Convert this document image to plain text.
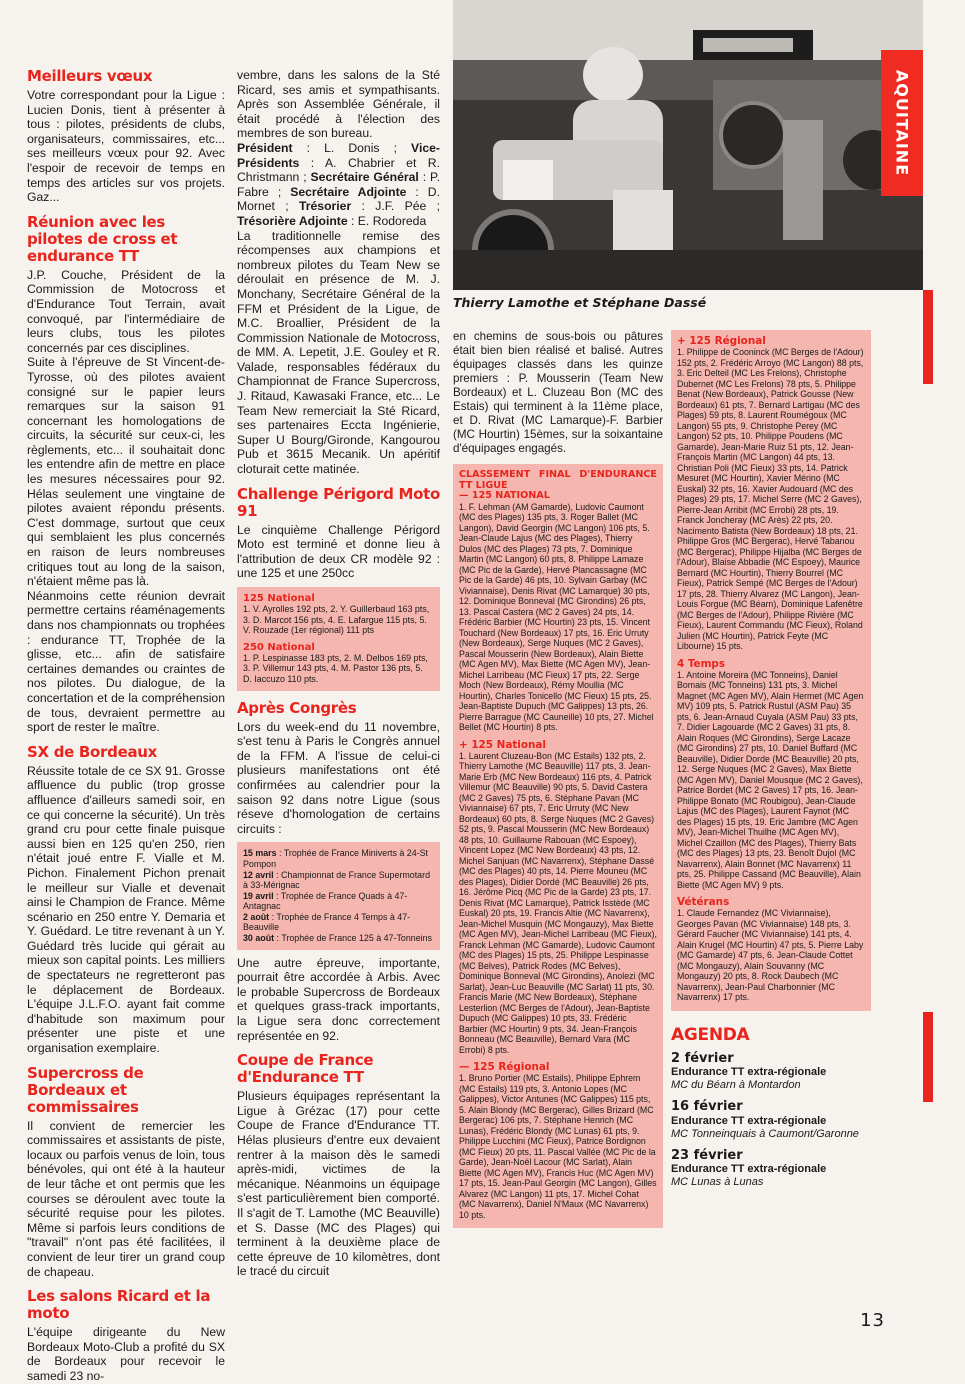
Thierry Lamothe et Stéphane Dassé
AQUITAINE
Meilleurs vœux

Votre correspondant pour la Ligue : Lucien Donis, tient à présenter à tous : pilotes, présidents de clubs, organisateurs, commissaires, etc... ses meilleurs vœux pour 92. Avec l'espoir de recevoir de temps en temps des articles sur vos projets. Gaz...

Réunion avec les pilotes de cross et endurance TT

J.P. Couche, Président de la Commission de Motocross et d'Endurance Tout Terrain, avait convoqué, par l'intermédiaire de leurs clubs, tous les pilotes concernés par ces disciplines.

Suite à l'épreuve de St Vincent-de-Tyrosse, où des pilotes avaient consigné sur le papier leurs remarques sur la saison 91 concernant les homologations de circuits, la sécurité sur ceux-ci, les règlements, etc... il souhaitait donc les entendre afin de mettre en place les mesures nécessaires pour 92. Hélas seulement une vingtaine de pilotes avaient répondu présents. C'est dommage, surtout que ceux qui semblaient les plus concernés en raison de leurs nombreuses critiques tout au long de la saison, n'étaient même pas là.

Néanmoins cette réunion devrait permettre certains réaménagements dans nos championnats ou trophées : endurance TT, Trophée de la glisse, etc... afin de satisfaire certaines demandes ou craintes de nos pilotes. Du dialogue, de la concertation et de la compréhension de tous, devraient permettre au sport de rester le maître.

SX de Bordeaux

Réussite totale de ce SX 91. Grosse affluence du public (trop grosse affluence d'ailleurs samedi soir, en ce qui concerne la sécurité). Un très grand cru pour cette finale puisque aussi bien en 125 qu'en 250, rien n'était joué entre F. Vialle et M. Pichon. Finalement Pichon prenait le meilleur sur Vialle et devenait ainsi le Champion de France. Même scénario en 250 entre Y. Demaria et Y. Guédard. Le titre revenant à un Y. Guédard très lucide qui gérait au mieux son capital points. Les milliers de spectateurs ne regretteront pas le déplacement de Bordeaux. L'équipe J.L.F.O. ayant fait comme d'habitude son maximum pour présenter une piste et une organisation exemplaire.

Supercross de Bordeaux et commissaires

Il convient de remercier les commissaires et assistants de piste, locaux ou parfois venus de loin, tous bénévoles, qui ont été à la hauteur de leur tâche et ont permis que les courses se déroulent avec toute la sécurité requise pour les pilotes. Même si parfois leurs conditions de "travail" n'ont pas été facilitées, il convient de leur tirer un grand coup de chapeau.

Les salons Ricard et la moto

L'équipe dirigeante du New Bordeaux Moto-Club a profité du SX de Bordeaux pour recevoir le samedi 23 no-

vembre, dans les salons de la Sté Ricard, ses amis et sympathisants. Après son Assemblée Générale, il était procédé à l'élection des membres de son bureau.

Président : L. Donis ; Vice-Présidents : A. Chabrier et R. Christmann ; Secrétaire Général : P. Fabre ; Secrétaire Adjointe : D. Mornet ; Trésorier : J.F. Pée ; Trésorière Adjointe : E. Rodoreda

La traditionnelle remise des récompenses aux champions et nombreux pilotes du Team New se déroulait en présence de M. J. Monchany, Secrétaire Général de la FFM et Président de la Ligue, de M.C. Broallier, Président de la Commission Nationale de Motocross, de MM. A. Lepetit, J.E. Gouley et R. Valade, responsables fédéraux du Championnat de France Supercross, J. Ritaud, Kawasaki France, etc... Le Team New remerciait la Sté Ricard, ses partenaires Eccta Ingénierie, Super U Bourg/Gironde, Kangourou Pub et 3615 Mecanik. Un apéritif cloturait cette matinée.

Challenge Périgord Moto 91

Le cinquième Challenge Périgord Moto est terminé et donne lieu à l'attribution de deux CR modèle 92 : une 125 et une 250cc

125 National
1. V. Ayrolles 192 pts, 2. Y. Guillerbaud 163 pts, 3. D. Marcot 156 pts, 4. E. Lafargue 115 pts, 5. V. Rouzade (1er régional) 111 pts
250 National
1. P. Lespinasse 183 pts, 2. M. Delbos 169 pts, 3. P. Villemur 143 pts, 4. M. Pastor 136 pts, 5. D. Iaccuzo 110 pts.
Après Congrès

Lors du week-end du 11 novembre, s'est tenu à Paris le Congrès annuel de la FFM. A l'issue de celui-ci plusieurs manifestations ont été confirmées au calendrier pour la saison 92 dans notre Ligue (sous réseve d'homologation de certains circuits :

15 mars : Trophée de France Miniverts à 24-St Pompon
12 avril : Championnat de France Supermotard à 33-Mérignac
19 avril : Trophée de France Quads à 47-Antagnac
2 août : Trophée de France 4 Temps à 47-Beauville
30 août : Trophée de France 125 à 47-Tonneins

Une autre épreuve, importante, pourrait être accordée à Arbis. Avec le probable Supercross de Bordeaux et quelques grass-track importants, la Ligue sera donc correctement représentée en 92.

Coupe de France d'Endurance TT

Plusieurs équipages représentant la Ligue à Grézac (17) pour cette Coupe de France d'Endurance TT. Hélas plusieurs d'entre eux devaient rentrer à la maison dès le samedi après-midi, victimes de la mécanique. Néanmoins un équipage s'est particulièrement bien comporté. Il s'agit de T. Lamothe (MC Beauville) et S. Dasse (MC des Plages) qui terminent à la deuxième place de cette épreuve de 10 kilomètres, dont le tracé du circuit

en chemins de sous-bois ou pâtures était bien bien réalisé et balisé. Autres équipages classés dans les quinze premiers : P. Mousserin (Team New Bordeaux) et L. Cluzeau Bon (MC des Estais) qui terminent à la 11ème place, et D. Rivat (MC Lamarque)-F. Barbier (MC Hourtin) 15èmes, sur la soixantaine d'équipages engagés.

CLASSEMENT FINAL D'ENDURANCE TT LIGUE
— 125 NATIONAL
1. F. Lehman (AM Gamarde), Ludovic Caumont (MC des Plages) 135 pts, 3. Roger Ballet (MC Langon), David Georgin (MC Langon) 106 pts, 5. Jean-Claude Lajus (MC des Plages), Thierry Dulos (MC des Plages) 73 pts, 7. Dominique Martin (MC Langon) 60 pts, 8. Philippe Lamaze (MC Pic de la Garde), Hervé Plancassagne (MC Pic de la Garde) 46 pts, 10. Sylvain Garbay (MC Viviannaise), Denis Rivat (MC Lamarque) 30 pts, 12. Dominique Bonneval (MC Girondins) 26 pts, 13. Pascal Castera (MC 2 Gaves) 24 pts, 14. Frédéric Barbier (MC Hourtin) 23 pts, 15. Vincent Touchard (New Bordeaux) 17 pts, 16. Eric Urruty (New Bordeaux), Serge Nuques (MC 2 Gaves), Pascal Mousserin (New Bordeaux), Alain Biette (MC Agen MV), Max Biette (MC Agen MV), Jean-Michel Larribeau (MC Fieux) 17 pts, 22. Serge Moch (New Bordeaux), Rémy Moullia (MC Hourtin), Charles Tonicello (MC Fieux) 15 pts, 25. Jean-Baptiste Dupuch (MC Galippes) 13 pts, 26. Pierre Barrague (MC Cauneille) 10 pts, 27. Michel Bellet (MC Hourtin) 8 pts.
+ 125 National
1. Laurent Cluzeau-Bon (MC Estails) 132 pts, 2. Thierry Lamothe (MC Beauville) 117 pts, 3. Jean-Marie Erb (MC New Bordeaux) 116 pts, 4. Patrick Villemur (MC Beauville) 90 pts, 5. David Castera (MC 2 Gaves) 75 pts, 6. Stéphane Pavan (MC Viviannaise) 67 pts, 7. Eric Urruty (MC New Bordeaux) 60 pts, 8. Serge Nuques (MC 2 Gaves) 52 pts, 9. Pascal Mousserin (MC New Bordeaux) 48 pts, 10. Guillaume Rabouan (MC Espoey), Vincent Lopez (MC New Bordeaux) 43 pts, 12. Michel Sanjuan (MC Navarrenx), Stéphane Dassé (MC des Plages) 40 pts, 14. Pierre Mouneu (MC des Plages), Didier Dordé (MC Beauville) 26 pts, 16. Jérôme Picq (MC Pic de la Garde) 23 pts, 17. Denis Rivat (MC Lamarque), Patrick Isstède (MC Euskal) 20 pts, 19. Francis Altie (MC Navarrenx), Jean-Michel Musquin (MC Mongauzy), Max Biette (MC Agen MV), Jean-Michel Larribeau (MC Fieux), Franck Lehman (MC Gamarde), Ludovic Caumont (MC des Plages) 15 pts, 25. Philippe Lespinasse (MC Belves), Patrick Rodes (MC Belves), Dominique Bonneval (MC Girondins), Anolezi (MC Sarlat), Jean-Luc Beauville (MC Sarlat) 11 pts, 30. Francis Marie (MC New Bordeaux), Stéphane Lesterlion (MC Berges de l'Adour), Jean-Baptiste Dupuch (MC Galippes) 10 pts, 33. Frédéric Barbier (MC Hourtin) 9 pts, 34. Jean-François Bonneau (MC Beauville), Bernard Vara (MC Errobi) 8 pts.
— 125 Régional
1. Bruno Portier (MC Estails), Philippe Ephrem (MC Estails) 119 pts, 3. Antonio Lopes (MC Galippes), Victor Antunes (MC Galippes) 115 pts, 5. Alain Blondy (MC Bergerac), Gilles Brizard (MC Bergerac) 106 pts, 7. Stéphane Henrich (MC Lunas), Frédéric Blondy (MC Lunas) 61 pts, 9. Philippe Lucchini (MC Fieux), Patrice Bordignon (MC Fieux) 20 pts, 11. Pascal Vallée (MC Pic de la Garde), Jean-Noël Lacour (MC Sarlat), Alain Biette (MC Agen MV), Francis Huc (MC Agen MV) 17 pts, 15. Jean-Paul Georgin (MC Langon), Gilles Alvarez (MC Langon) 11 pts, 17. Michel Cohat (MC Navarrenx), Daniel N'Maux (MC Navarrenx) 10 pts.
+ 125 Régional
1. Philippe de Cooninck (MC Berges de l'Adour) 152 pts, 2. Frédéric Arroyo (MC Langon) 88 pts, 3. Eric Delteil (MC Les Frelons), Christophe Dubernet (MC Les Frelons) 78 pts, 5. Philippe Benat (New Bordeaux), Patrick Gousse (New Bordeaux) 61 pts, 7. Bernard Lartigau (MC des Plages) 59 pts, 8. Laurent Roumégoux (MC Langon) 55 pts, 9. Christophe Perey (MC Langon) 52 pts, 10. Philippe Poudens (MC Gamarde), Jean-Marie Ruiz 51 pts, 12. Jean-François Martin (MC Langon) 44 pts, 13. Christian Poli (MC Fieux) 33 pts, 14. Patrick Mesuret (MC Hourtin), Xavier Mérino (MC Euskal) 32 pts, 16. Xavier Audouard (MC des Plages) 29 pts, 17. Michel Serre (MC 2 Gaves), Pierre-Jean Arribit (MC Errobi) 28 pts, 19. Franck Joncheray (MC Arès) 22 pts, 20. Nacimento Batista (New Bordeaux) 18 pts, 21. Philippe Gros (MC Bergerac), Hervé Tabanou (MC Bergerac), Philippe Hijalba (MC Berges de l'Adour), Blaise Abbadie (MC Espoey), Maurice Bernard (MC Hourtin), Thierry Bourrel (MC Fieux), Patrick Sempé (MC Berges de l'Adour) 17 pts, 28. Thierry Alvarez (MC Langon), Jean-Louis Forgue (MC Béarn), Dominique Lafenêtre (MC Berges de l'Adour), Philippe Rivière (MC Fieux), Laurent Commandu (MC Fieux), Roland Julien (MC Hourtin), Patrick Feyte (MC Libourne) 15 pts.
4 Temps
1. Antoine Moreira (MC Tonneins), Daniel Bomais (MC Tonneins) 131 pts, 3. Michel Magnet (MC Agen MV), Alain Hermet (MC Agen MV) 109 pts, 5. Patrick Rustul (ASM Pau) 35 pts, 6. Jean-Arnaud Cuyala (ASM Pau) 33 pts, 7. Didier Lagouarde (MC 2 Gaves) 31 pts, 8. Alain Roques (MC Girondins), Serge Lacaze (MC Girondins) 27 pts, 10. Daniel Buffard (MC Beauville), Didier Dorde (MC Beauville) 20 pts, 12. Serge Nuques (MC 2 Gaves), Max Biette (MC Agen MV), Daniel Mousque (MC 2 Gaves), Patrice Bordet (MC 2 Gaves) 17 pts, 16. Jean-Philippe Bonato (MC Roubigou), Jean-Claude Lajus (MC des Plages), Laurent Faynot (MC des Plages) 15 pts, 19. Eric Jambre (MC Agen MV), Jean-Michel Thuilhe (MC Agen MV), Michel Czaillon (MC des Plages), Thierry Bats (MC des Plages) 13 pts, 23. Benoît Dujol (MC Navarrenx), Alain Bonnet (MC Navarrenx) 11 pts, 25. Philippe Cassand (MC Beauville), Alain Biette (MC Agen MV) 9 pts.
Vétérans
1. Claude Fernandez (MC Viviannaise), Georges Pavan (MC Viviannaise) 148 pts, 3. Gérard Faucher (MC Viviannaise) 141 pts, 4. Alain Krugel (MC Hourtin) 47 pts, 5. Pierre Laby (MC Gamarde) 47 pts, 6. Jean-Claude Cottet (MC Mongauzy), Alain Souvanny (MC Mongauzy) 20 pts, 8. Rock Daubech (MC Navarrenx), Jean-Paul Charbonnier (MC Navarrenx) 17 pts.
AGENDA
2 février
Endurance TT extra-régionale
MC du Béarn à Montardon
16 février
Endurance TT extra-régionale
MC Tonneinquais à Caumont/Garonne
23 février
Endurance TT extra-régionale
MC Lunas à Lunas
13
